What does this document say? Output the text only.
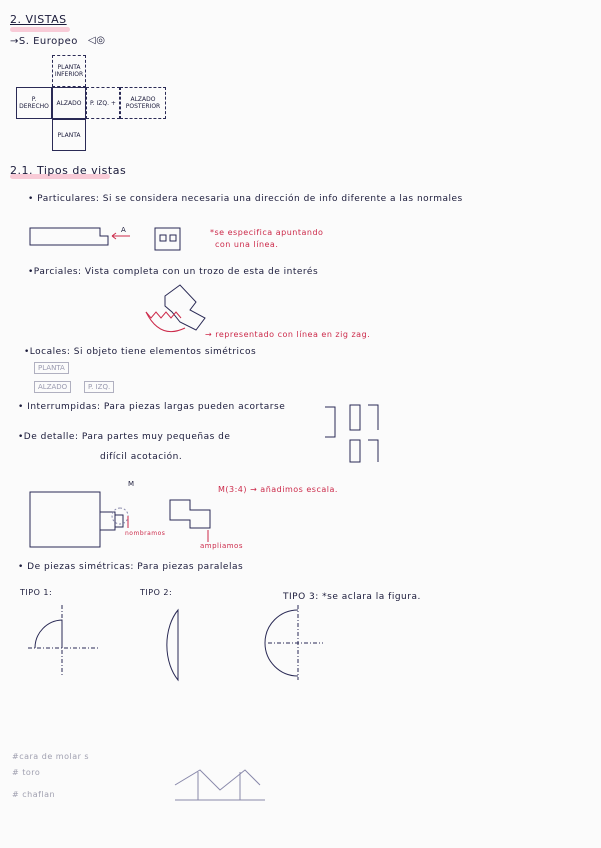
2. VISTAS
→S. Europeo ◁◎
PLANTA INFERIOR
P. DERECHO	ALZADO P. IZQ. +	ALZADO POSTERIOR
PLANTA
2.1. Tipos de vistas
• Particulares: Si se considera necesaria una dirección de info diferente a las normales
*se especifica apuntando
con una línea.
A
•Parciales: Vista completa con un trozo de esta de interés
→ representado con línea en zig zag.
•Locales: Si objeto tiene elementos simétricos
PLANTA
ALZADO	P. IZQ.
• Interrumpidas: Para piezas largas pueden acortarse
•De detalle: Para partes muy pequeñas de
difícil acotación.
M
M(3:4) → añadimos escala.
nombramos
ampliamos
• De piezas simétricas: Para piezas paralelas
TIPO 1:	TIPO 2:	TIPO 3: *se aclara la figura.
#cara de molar s
# toro
# chaflan
